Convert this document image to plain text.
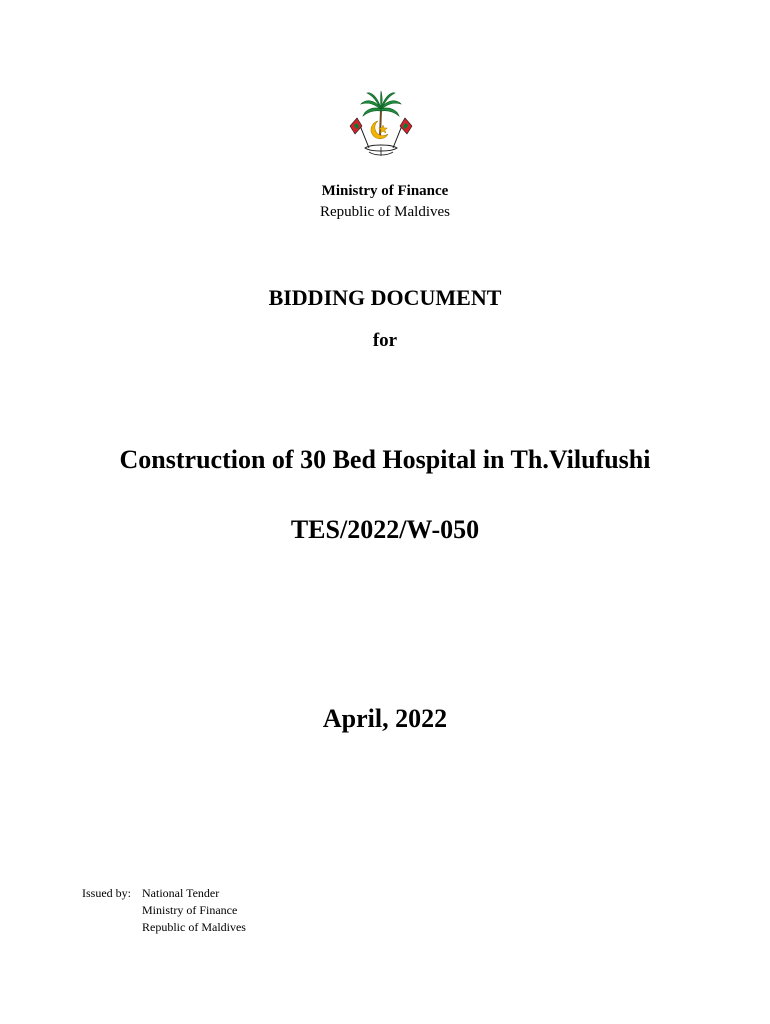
Ministry of Finance
Republic of Maldives
BIDDING DOCUMENT
for
Construction of 30 Bed Hospital in Th.Vilufushi
TES/2022/W-050
April, 2022
Issued by: National Tender
Ministry of Finance
Republic of Maldives
